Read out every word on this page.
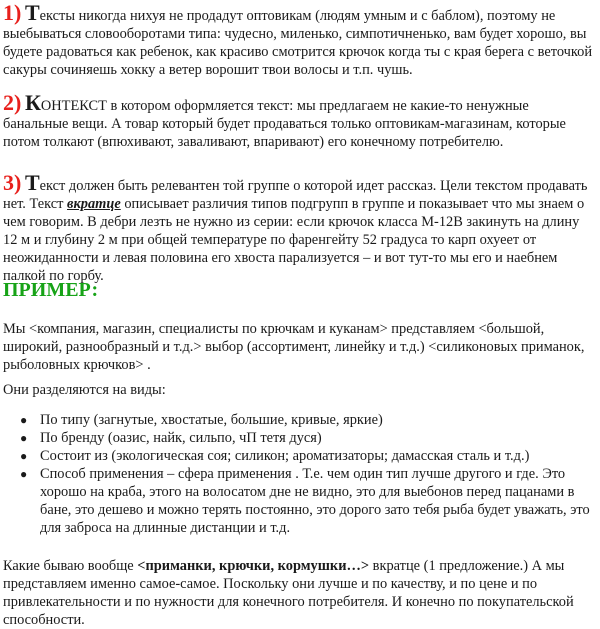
1) Тексты никогда нихуя не продадут оптовикам (людям умным и с баблом), поэтому не выебываться словооборотами типа: чудесно, миленько, симпотичненько, вам будет хорошо, вы будете радоваться как ребенок, как красиво смотрится крючок когда ты с края берега с веточкой сакуры сочиняешь хокку а ветер ворошит твои волосы и т.п. чушь.

2) КОНТЕКСТ в котором оформляется текст: мы предлагаем не какие-то ненужные банальные вещи. А товар который будет продаваться только оптовикам-магазинам, которые потом толкают (впюхивают, заваливают, впаривают) его конечному потребителю.

3) Текст должен быть релевантен той группе о которой идет рассказ. Цели текстом продавать нет. Текст вкратце описывает различия типов подгрупп в группе и показывает что мы знаем о чем говорим. В дебри лезть не нужно из серии: если крючок класса М-12В закинуть на длину 12 м и глубину 2 м при общей температуре по фаренгейту 52 градуса то карп охуеет от неожиданности и левая половина его хвоста парализуется – и вот тут-то мы его и наебнем палкой по горбу.

ПРИМЕР:

Мы <компания, магазин, специалисты по крючкам и куканам> представляем <большой, широкий, разнообразный и т.д.> выбор (ассортимент, линейку и т.д.) <силиконовых приманок, рыболовных крючков> .

Они разделяются на виды:

● По типу (загнутые, хвостатые, большие, кривые, яркие)
● По бренду (оазис, найк, сильпо, чП тетя дуся)
● Состоит из (экологическая соя; силикон; ароматизаторы; дамасская сталь и т.д.)
● Способ применения – сфера применения . Т.е. чем один тип лучше другого и где. Это хорошо на краба, этого на волосатом дне не видно, это для выебонов перед пацанами в бане, это дешево и можно терять постоянно, это дорого зато тебя рыба будет уважать, это для заброса на длинные дистанции и т.д.

Какие бываю вообще <приманки, крючки, кормушки…> вкратце (1 предложение.) А мы представляем именно самое-самое. Поскольку они лучше и по качеству, и по цене и по привлекательности и по нужности для конечного потребителя. И конечно по покупательской способности.
